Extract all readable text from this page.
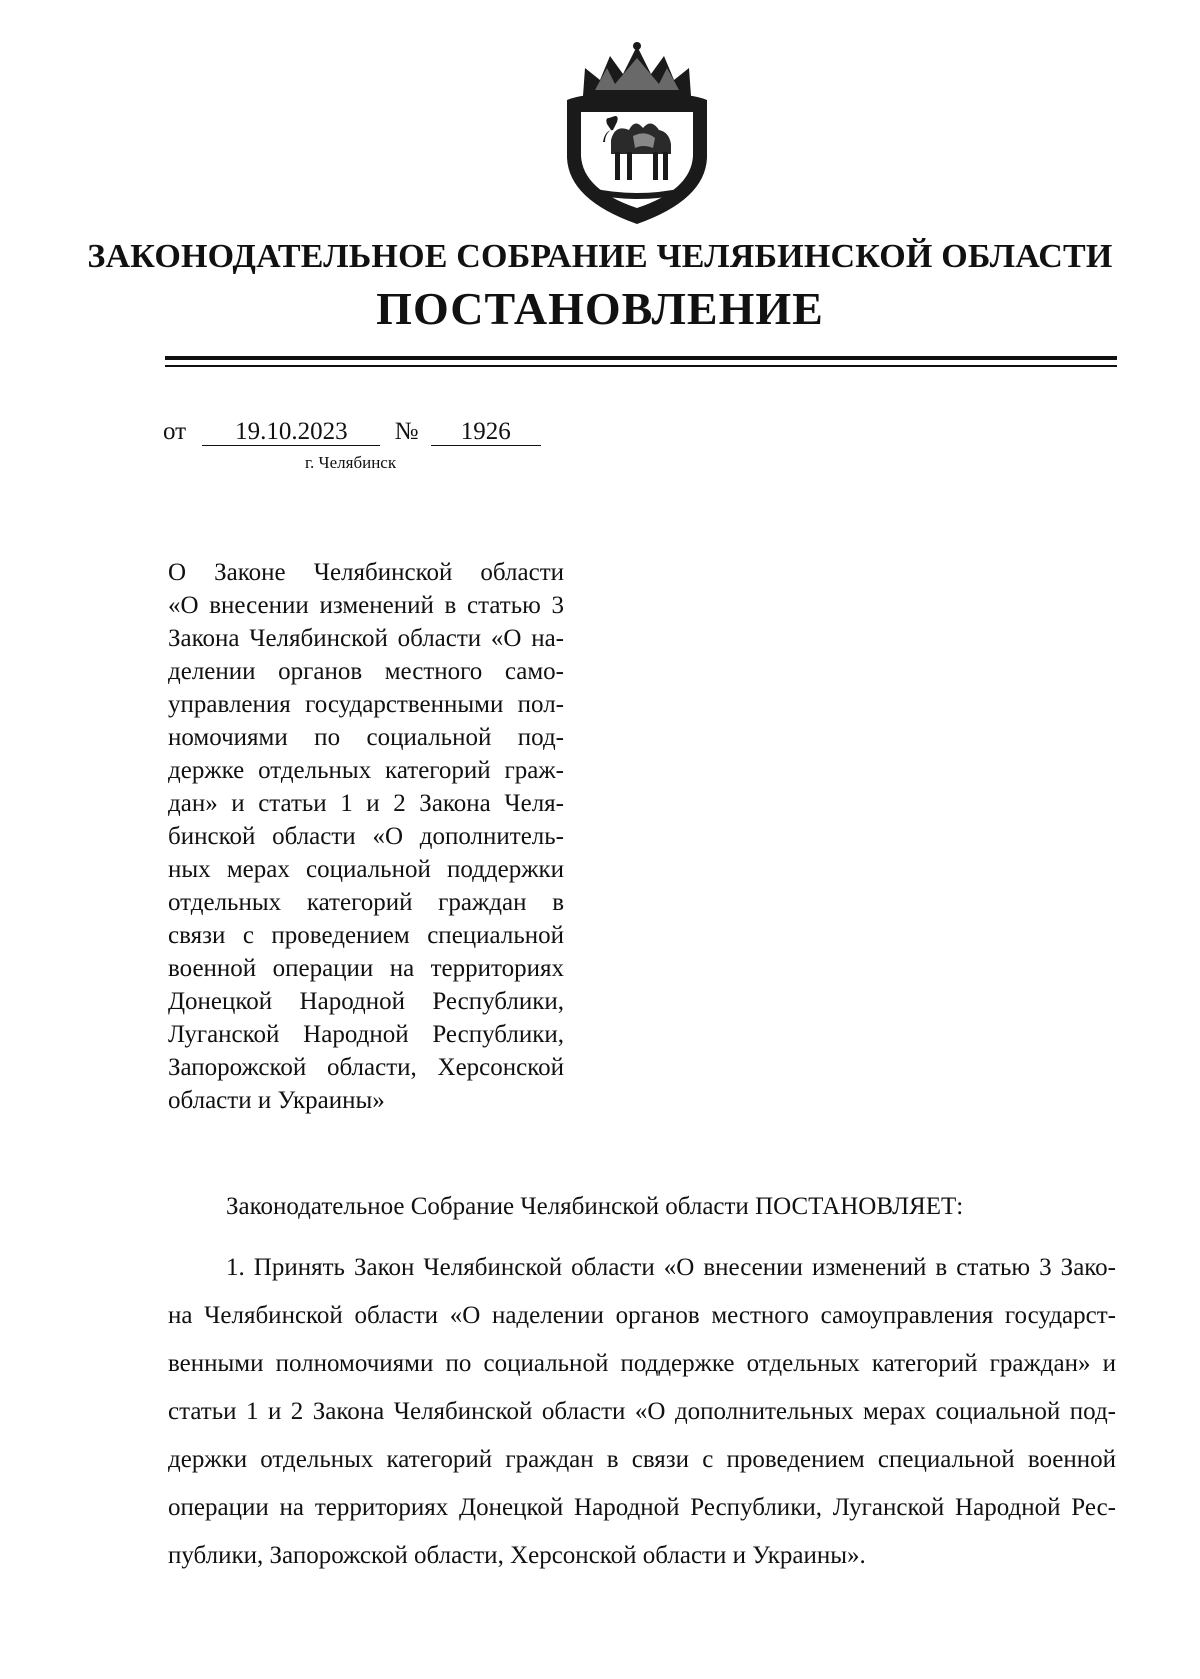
ЗАКОНОДАТЕЛЬНОЕ СОБРАНИЕ ЧЕЛЯБИНСКОЙ ОБЛАСТИ
ПОСТАНОВЛЕНИЕ
от 19.10.2023 № 1926
г. Челябинск
О Законе Челябинской области
«О внесении изменений в статью 3
Закона Челябинской области «О на-
делении органов местного само-
управления государственными пол-
номочиями по социальной под-
держке отдельных категорий граж-
дан» и статьи 1 и 2 Закона Челя-
бинской области «О дополнитель-
ных мерах социальной поддержки
отдельных категорий граждан в
связи с проведением специальной
военной операции на территориях
Донецкой Народной Республики,
Луганской Народной Республики,
Запорожской области, Херсонской
области и Украины»
Законодательное Собрание Челябинской области ПОСТАНОВЛЯЕТ:
1. Принять Закон Челябинской области «О внесении изменений в статью 3 Зако-
на Челябинской области «О наделении органов местного самоуправления государст-
венными полномочиями по социальной поддержке отдельных категорий граждан» и
статьи 1 и 2 Закона Челябинской области «О дополнительных мерах социальной под-
держки отдельных категорий граждан в связи с проведением специальной военной
операции на территориях Донецкой Народной Республики, Луганской Народной Рес-
публики, Запорожской области, Херсонской области и Украины».
